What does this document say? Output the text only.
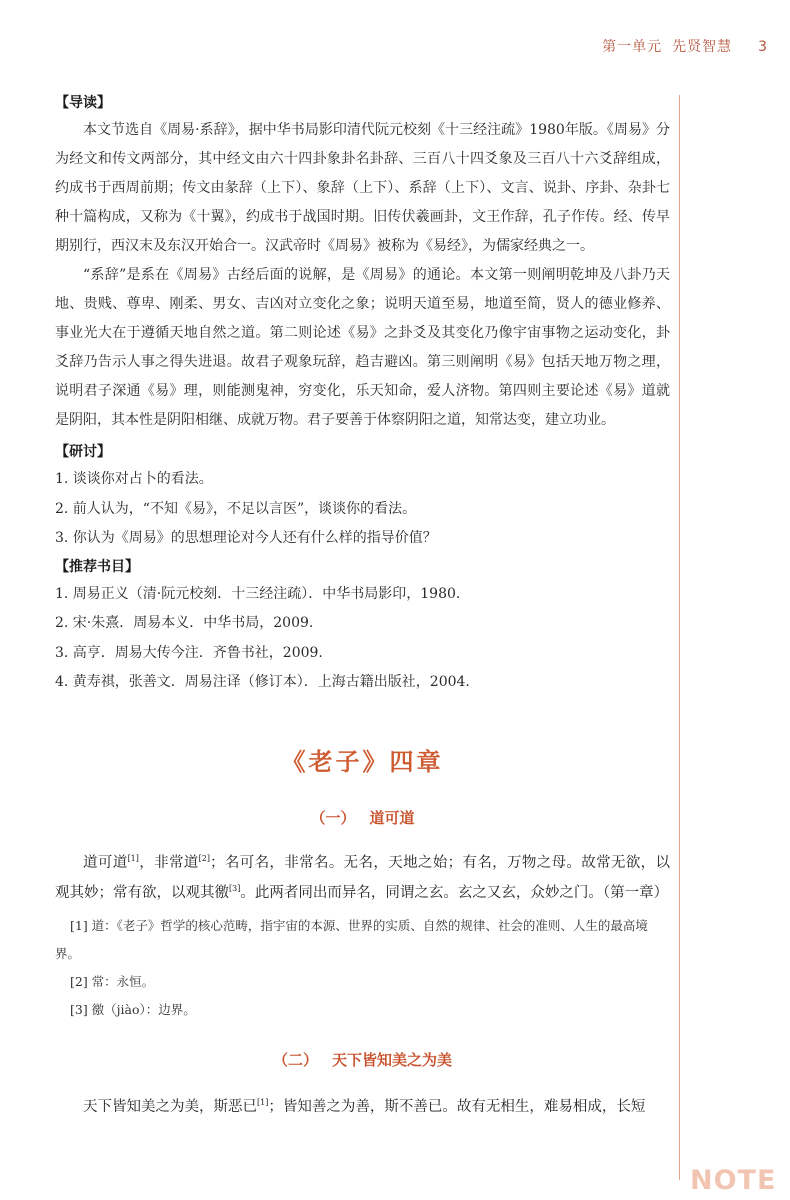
第一单元 先贤智慧 3
NOTE

【导读】

本文节选自《周易·系辞》，据中华书局影印清代阮元校刻《十三经注疏》1980年版。《周易》分为经文和传文两部分，其中经文由六十四卦象卦名卦辞、三百八十四爻象及三百八十六爻辞组成，约成书于西周前期；传文由彖辞（上下）、象辞（上下）、系辞（上下）、文言、说卦、序卦、杂卦七种十篇构成，又称为《十翼》，约成书于战国时期。旧传伏羲画卦，文王作辞，孔子作传。经、传早期别行，西汉末及东汉开始合一。汉武帝时《周易》被称为《易经》，为儒家经典之一。

“系辞”是系在《周易》古经后面的说解，是《周易》的通论。本文第一则阐明乾坤及八卦乃天地、贵贱、尊卑、刚柔、男女、吉凶对立变化之象；说明天道至易，地道至简，贤人的德业修养、事业光大在于遵循天地自然之道。第二则论述《易》之卦爻及其变化乃像宇宙事物之运动变化，卦爻辞乃告示人事之得失进退。故君子观象玩辞，趋吉避凶。第三则阐明《易》包括天地万物之理，说明君子深通《易》理，则能测鬼神，穷变化，乐天知命，爱人济物。第四则主要论述《易》道就是阴阳，其本性是阴阳相继、成就万物。君子要善于体察阴阳之道，知常达变，建立功业。

【研讨】

1. 谈谈你对占卜的看法。
2. 前人认为，“不知《易》，不足以言医”，谈谈你的看法。
3. 你认为《周易》的思想理论对今人还有什么样的指导价值？

【推荐书目】

1. 周易正义（清·阮元校刻．十三经注疏）．中华书局影印，1980.
2. 宋·朱熹．周易本义．中华书局，2009.
3. 高亨．周易大传今注．齐鲁书社，2009.
4. 黄寿祺，张善文．周易注译（修订本）．上海古籍出版社，2004.
《老子》四章
（一） 道可道

道可道[1]，非常道[2]；名可名，非常名。无名，天地之始；有名，万物之母。故常无欲，以观其妙；常有欲，以观其徼[3]。此两者同出而异名，同谓之玄。玄之又玄，众妙之门。（第一章）

[1] 道：《老子》哲学的核心范畴，指宇宙的本源、世界的实质、自然的规律、社会的准则、人生的最高境界。

[2] 常：永恒。

[3] 徼（jiào）：边界。

（二） 天下皆知美之为美

天下皆知美之为美，斯恶已[1]；皆知善之为善，斯不善已。故有无相生，难易相成，长短
